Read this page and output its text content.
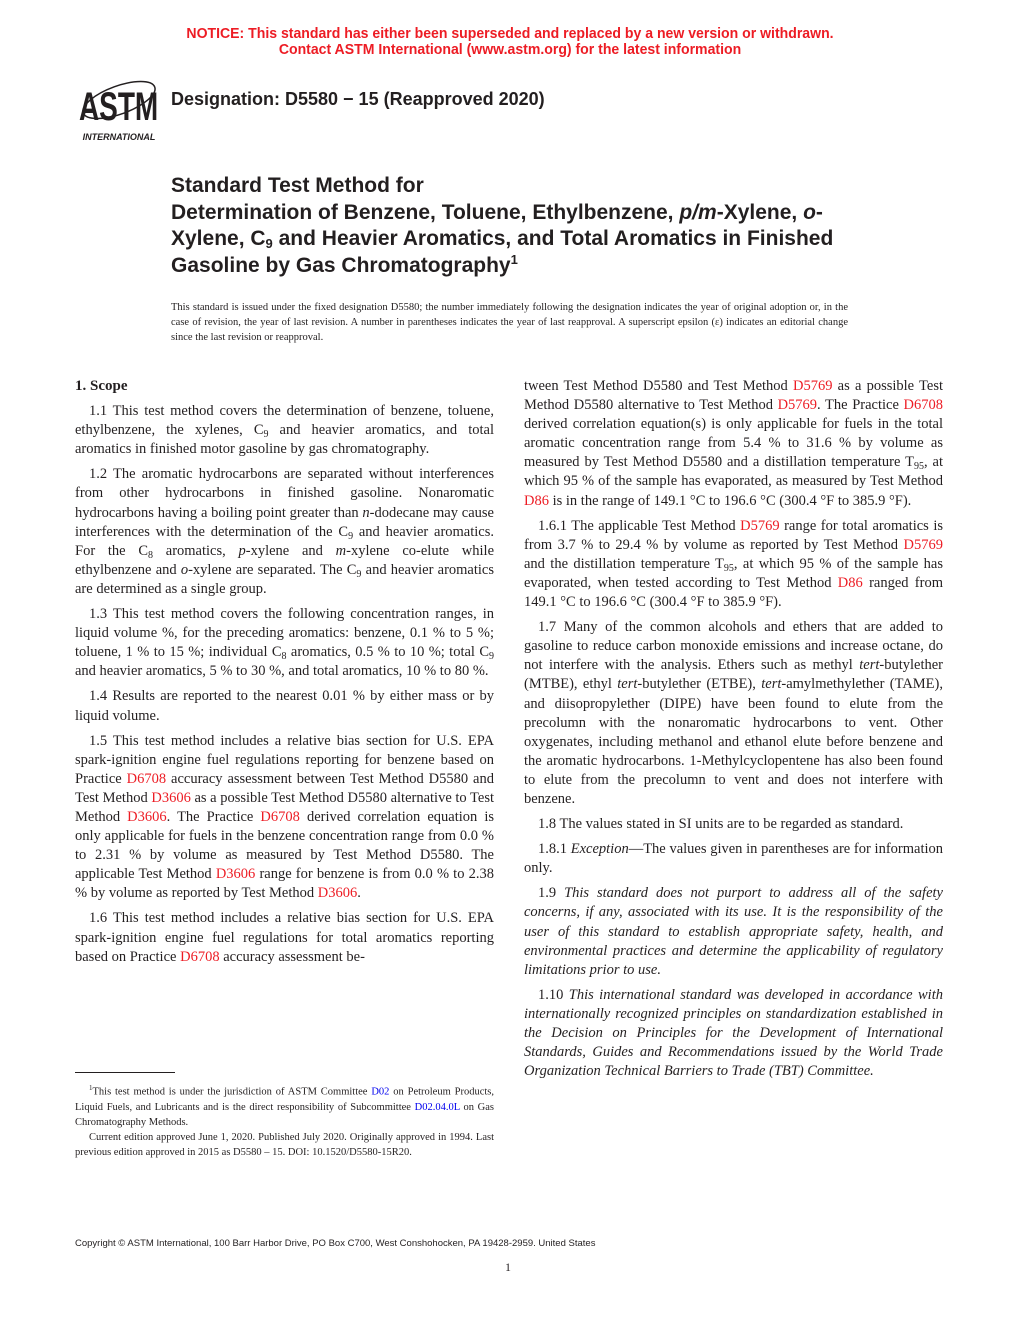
NOTICE: This standard has either been superseded and replaced by a new version or withdrawn.
Contact ASTM International (www.astm.org) for the latest information
ASTM
INTERNATIONAL
Designation: D5580 − 15 (Reapproved 2020)
Standard Test Method for
Determination of Benzene, Toluene, Ethylbenzene, p/m-Xylene, o-Xylene, $C_9$ and Heavier Aromatics, and Total Aromatics in Finished Gasoline by Gas Chromatography$^1$
This standard is issued under the fixed designation D5580; the number immediately following the designation indicates the year of original adoption or, in the case of revision, the year of last revision. A number in parentheses indicates the year of last reapproval. A superscript epsilon (ε) indicates an editorial change since the last revision or reapproval.
1. Scope

1.1 This test method covers the determination of benzene, toluene, ethylbenzene, the xylenes, $C_9$ and heavier aromatics, and total aromatics in finished motor gasoline by gas chromatography.

1.2 The aromatic hydrocarbons are separated without interferences from other hydrocarbons in finished gasoline. Nonaromatic hydrocarbons having a boiling point greater than n-dodecane may cause interferences with the determination of the $C_9$ and heavier aromatics. For the $C_8$ aromatics, p-xylene and m-xylene co-elute while ethylbenzene and o-xylene are separated. The $C_9$ and heavier aromatics are determined as a single group.

1.3 This test method covers the following concentration ranges, in liquid volume %, for the preceding aromatics: benzene, 0.1 % to 5 %; toluene, 1 % to 15 %; individual $C_8$ aromatics, 0.5 % to 10 %; total $C_9$ and heavier aromatics, 5 % to 30 %, and total aromatics, 10 % to 80 %.

1.4 Results are reported to the nearest 0.01 % by either mass or by liquid volume.

1.5 This test method includes a relative bias section for U.S. EPA spark-ignition engine fuel regulations reporting for benzene based on Practice D6708 accuracy assessment between Test Method D5580 and Test Method D3606 as a possible Test Method D5580 alternative to Test Method D3606. The Practice D6708 derived correlation equation is only applicable for fuels in the benzene concentration range from 0.0 % to 2.31 % by volume as measured by Test Method D5580. The applicable Test Method D3606 range for benzene is from 0.0 % to 2.38 % by volume as reported by Test Method D3606.

1.6 This test method includes a relative bias section for U.S. EPA spark-ignition engine fuel regulations for total aromatics reporting based on Practice D6708 accuracy assessment be-

tween Test Method D5580 and Test Method D5769 as a possible Test Method D5580 alternative to Test Method D5769. The Practice D6708 derived correlation equation(s) is only applicable for fuels in the total aromatic concentration range from 5.4 % to 31.6 % by volume as measured by Test Method D5580 and a distillation temperature $T_{95}$, at which 95 % of the sample has evaporated, as measured by Test Method D86 is in the range of 149.1 °C to 196.6 °C (300.4 °F to 385.9 °F).

1.6.1 The applicable Test Method D5769 range for total aromatics is from 3.7 % to 29.4 % by volume as reported by Test Method D5769 and the distillation temperature $T_{95}$, at which 95 % of the sample has evaporated, when tested according to Test Method D86 ranged from 149.1 °C to 196.6 °C (300.4 °F to 385.9 °F).

1.7 Many of the common alcohols and ethers that are added to gasoline to reduce carbon monoxide emissions and increase octane, do not interfere with the analysis. Ethers such as methyl tert-butylether (MTBE), ethyl tert-butylether (ETBE), tert-amylmethylether (TAME), and diisopropylether (DIPE) have been found to elute from the precolumn with the nonaromatic hydrocarbons to vent. Other oxygenates, including methanol and ethanol elute before benzene and the aromatic hydrocarbons. 1-Methylcyclopentene has also been found to elute from the precolumn to vent and does not interfere with benzene.

1.8 The values stated in SI units are to be regarded as standard.

1.8.1 Exception—The values given in parentheses are for information only.

1.9 This standard does not purport to address all of the safety concerns, if any, associated with its use. It is the responsibility of the user of this standard to establish appropriate safety, health, and environmental practices and determine the applicability of regulatory limitations prior to use.

1.10 This international standard was developed in accordance with internationally recognized principles on standardization established in the Decision on Principles for the Development of International Standards, Guides and Recommendations issued by the World Trade Organization Technical Barriers to Trade (TBT) Committee.

$^1$This test method is under the jurisdiction of ASTM Committee D02 on Petroleum Products, Liquid Fuels, and Lubricants and is the direct responsibility of Subcommittee D02.04.0L on Gas Chromatography Methods.

Current edition approved June 1, 2020. Published July 2020. Originally approved in 1994. Last previous edition approved in 2015 as D5580 – 15. DOI: 10.1520/D5580-15R20.

Copyright © ASTM International, 100 Barr Harbor Drive, PO Box C700, West Conshohocken, PA 19428-2959. United States
1
